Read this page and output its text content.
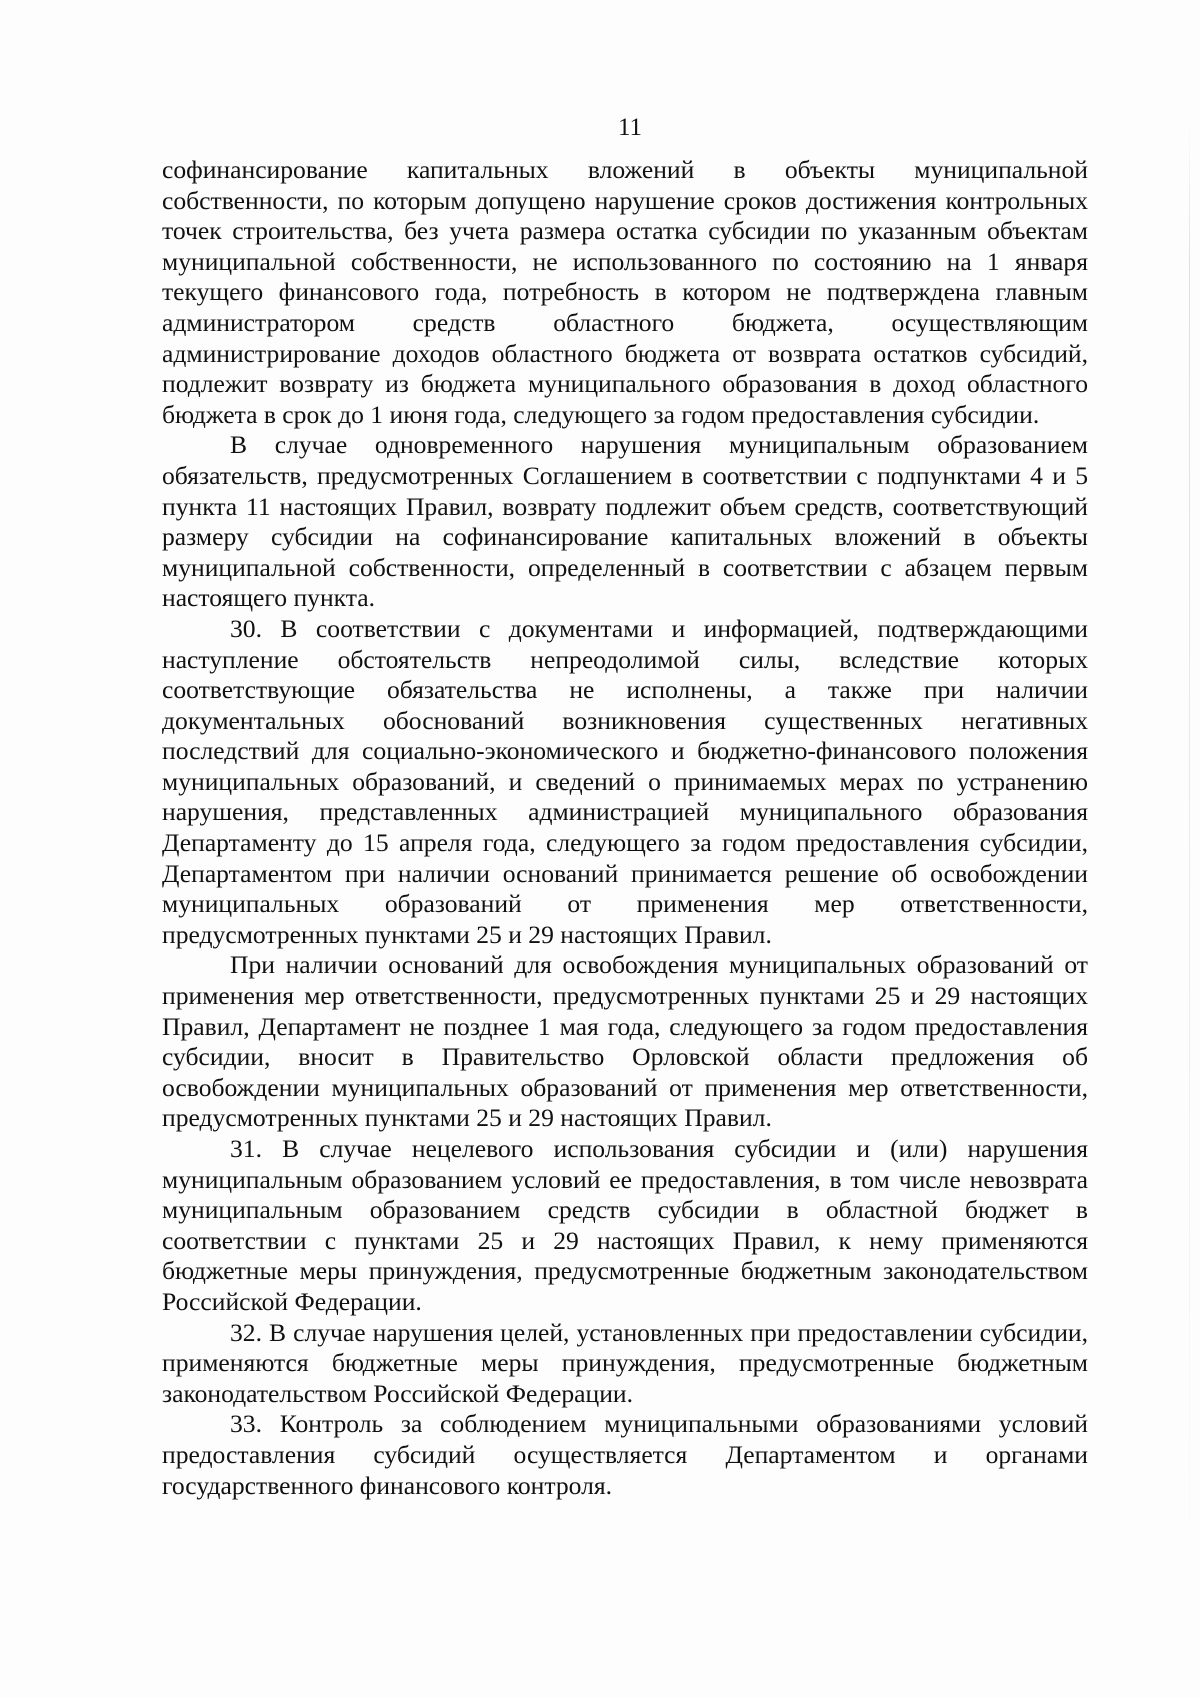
11

софинансирование капитальных вложений в объекты муниципальной собственности, по которым допущено нарушение сроков достижения контрольных точек строительства, без учета размера остатка субсидии по указанным объектам муниципальной собственности, не использованного по состоянию на 1 января текущего финансового года, потребность в котором не подтверждена главным администратором средств областного бюджета, осуществляющим администрирование доходов областного бюджета от возврата остатков субсидий, подлежит возврату из бюджета муниципального образования в доход областного бюджета в срок до 1 июня года, следующего за годом предоставления субсидии.

В случае одновременного нарушения муниципальным образованием обязательств, предусмотренных Соглашением в соответствии с подпунктами 4 и 5 пункта 11 настоящих Правил, возврату подлежит объем средств, соответствующий размеру субсидии на софинансирование капитальных вложений в объекты муниципальной собственности, определенный в соответствии с абзацем первым настоящего пункта.

30. В соответствии с документами и информацией, подтверждающими наступление обстоятельств непреодолимой силы, вследствие которых соответствующие обязательства не исполнены, а также при наличии документальных обоснований возникновения существенных негативных последствий для социально-экономического и бюджетно-финансового положения муниципальных образований, и сведений о принимаемых мерах по устранению нарушения, представленных администрацией муниципального образования Департаменту до 15 апреля года, следующего за годом предоставления субсидии, Департаментом при наличии оснований принимается решение об освобождении муниципальных образований от применения мер ответственности, предусмотренных пунктами 25 и 29 настоящих Правил.

При наличии оснований для освобождения муниципальных образований от применения мер ответственности, предусмотренных пунктами 25 и 29 настоящих Правил, Департамент не позднее 1 мая года, следующего за годом предоставления субсидии, вносит в Правительство Орловской области предложения об освобождении муниципальных образований от применения мер ответственности, предусмотренных пунктами 25 и 29 настоящих Правил.

31. В случае нецелевого использования субсидии и (или) нарушения муниципальным образованием условий ее предоставления, в том числе невозврата муниципальным образованием средств субсидии в областной бюджет в соответствии с пунктами 25 и 29 настоящих Правил, к нему применяются бюджетные меры принуждения, предусмотренные бюджетным законодательством Российской Федерации.

32. В случае нарушения целей, установленных при предоставлении субсидии, применяются бюджетные меры принуждения, предусмотренные бюджетным законодательством Российской Федерации.

33. Контроль за соблюдением муниципальными образованиями условий предоставления субсидий осуществляется Департаментом и органами государственного финансового контроля.
